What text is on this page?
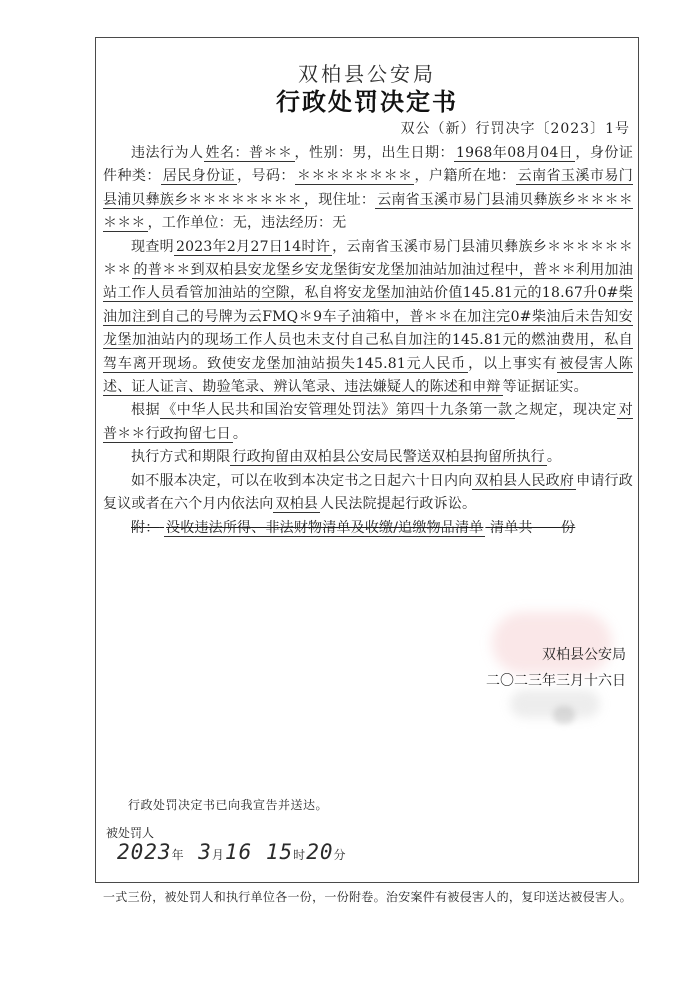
双柏县公安局
行政处罚决定书
双公（新）行罚决字〔2023〕1号

违法行为人 姓名：普＊＊ ，性别：男，出生日期： 1968年08月04日 ，身份证件种类： 居民身份证 ，号码： ＊＊＊＊＊＊＊＊ ，户籍所在地： 云南省玉溪市易门县浦贝彝族乡＊＊＊＊＊＊＊＊ ，现住址： 云南省玉溪市易门县浦贝彝族乡＊＊＊＊＊＊＊ ，工作单位：无，违法经历：无

现查明 2023年2月27日14时许 ，云南省玉溪市易门县浦贝彝族乡＊＊＊＊＊＊＊＊ 的普＊＊到双柏县安龙堡乡安龙堡街安龙堡加油站加油过程中，普＊＊利用加油站工作人员看管加油站的空隙，私自将安龙堡加油站价值145.81元的18.67升0#柴油加注到自己的号牌为云FMQ＊9车子油箱中，普＊＊在加注完0#柴油后未告知安龙堡加油站内的现场工作人员也未支付自己私自加注的145.81元的燃油费用，私自驾车离开现场。致使安龙堡加油站损失145.81元人民币 ，以上事实有 被侵害人陈述、证人证言、勘验笔录、辨认笔录、违法嫌疑人的陈述和申辩 等证据证实。

根据 《中华人民共和国治安管理处罚法》第四十九条第一款 之规定，现决定 对普＊＊行政拘留七日 。

执行方式和期限 行政拘留由双柏县公安局民警送双柏县拘留所执行 。

如不服本决定，可以在收到本决定书之日起六十日内向 双柏县人民政府 申请行政复议或者在六个月内依法向 双柏县 人民法院提起行政诉讼。

附： 没收违法所得、非法财物清单及收缴/追缴物品清单 清单共　　份

双柏县公安局
二〇二三年三月十六日
行政处罚决定书已向我宣告并送达。
被处罚人
2023年 3月16 15时20分
一式三份，被处罚人和执行单位各一份，一份附卷。治安案件有被侵害人的，复印送达被侵害人。
